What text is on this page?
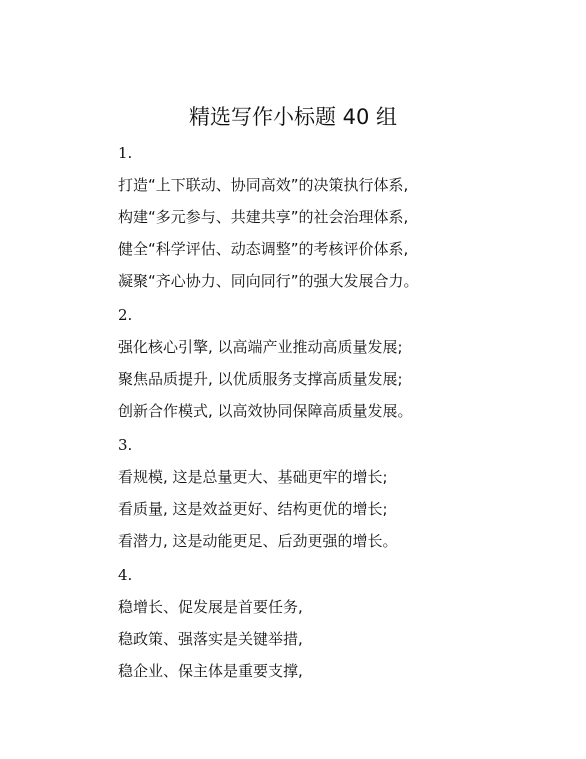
精选写作小标题 40 组
1.
打造“上下联动、协同高效”的决策执行体系,
构建“多元参与、共建共享”的社会治理体系,
健全“科学评估、动态调整”的考核评价体系,
凝聚“齐心协力、同向同行”的强大发展合力。
2.
强化核心引擎, 以高端产业推动高质量发展;
聚焦品质提升, 以优质服务支撑高质量发展;
创新合作模式, 以高效协同保障高质量发展。
3.
看规模, 这是总量更大、基础更牢的增长;
看质量, 这是效益更好、结构更优的增长;
看潜力, 这是动能更足、后劲更强的增长。
4.
稳增长、促发展是首要任务,
稳政策、强落实是关键举措,
稳企业、保主体是重要支撑,
